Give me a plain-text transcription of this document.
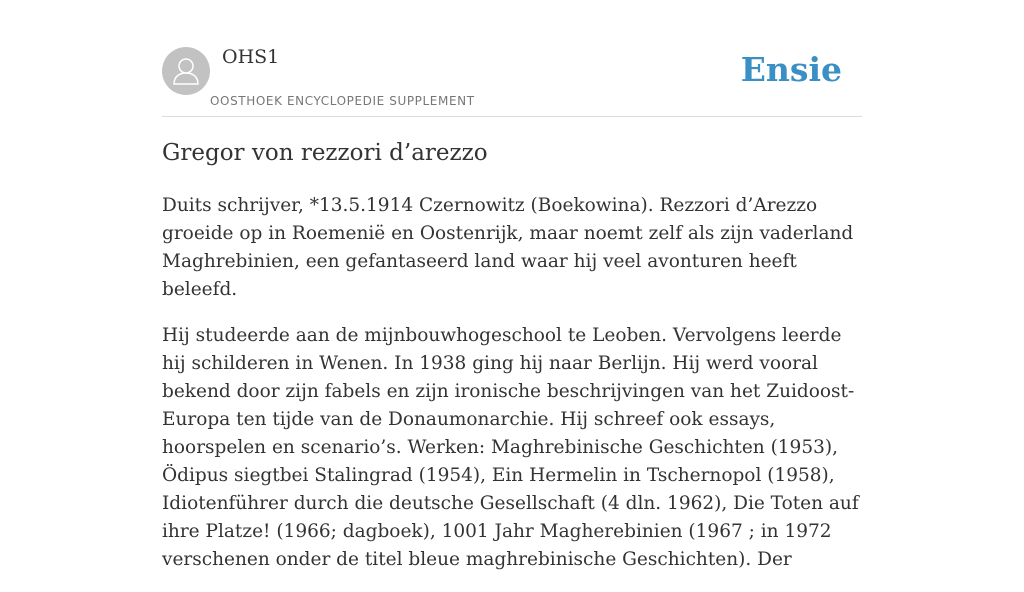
OHS1
OOSTHOEK ENCYCLOPEDIE SUPPLEMENT
Ensie
Gregor von rezzori d’arezzo

Duits schrijver, *13.5.1914 Czernowitz (Boekowina). Rezzori d’Arezzo groeide op in Roemenië en Oostenrijk, maar noemt zelf als zijn vaderland Maghrebinien, een gefantaseerd land waar hij veel avonturen heeft beleefd.

Hij studeerde aan de mijnbouwhogeschool te Leoben. Vervolgens leerde hij schilderen in Wenen. In 1938 ging hij naar Berlijn. Hij werd vooral bekend door zijn fabels en zijn ironische beschrijvingen van het Zuidoost-Europa ten tijde van de Donaumonarchie. Hij schreef ook essays, hoorspelen en scenario’s. Werken: Maghrebinische Geschichten (1953), Ödipus siegtbei Stalingrad (1954), Ein Hermelin in Tschernopol (1958), Idiotenführer durch die deutsche Gesellschaft (4 dln. 1962), Die Toten auf ihre Platze! (1966; dagboek), 1001 Jahr Magherebinien (1967 ; in 1972 verschenen onder de titel bleue maghrebinische Geschichten). Der
